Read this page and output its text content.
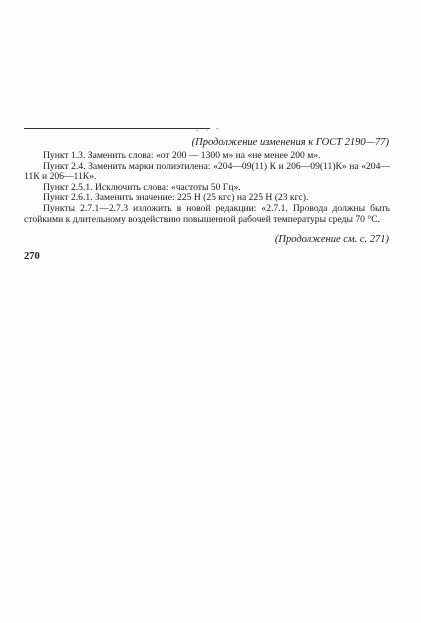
. . -
(Продолжение изменения к ГОСТ 2190—77)

Пункт 1.3. Заменить слова: «от 200 — 1300 м» на «не менее 200 м».

Пункт 2.4. Заменить марки полиэтилена: «204—09(11) К и 206—09(11)К» на «204—11К и 206—11К».

Пункт 2.5.1. Исключить слова: «частоты 50 Гц».

Пункт 2.6.1. Заменить значение: 225 Н (25 кгс) на 225 Н (23 кгс).

Пункты 2.7.1—2.7.3 изложить в новой редакции: «2.7.1. Провода должны быть стойкими к длительному воздействию повышенной рабочей температуры среды 70 °С.

(Продолжение см. с. 271)
270
